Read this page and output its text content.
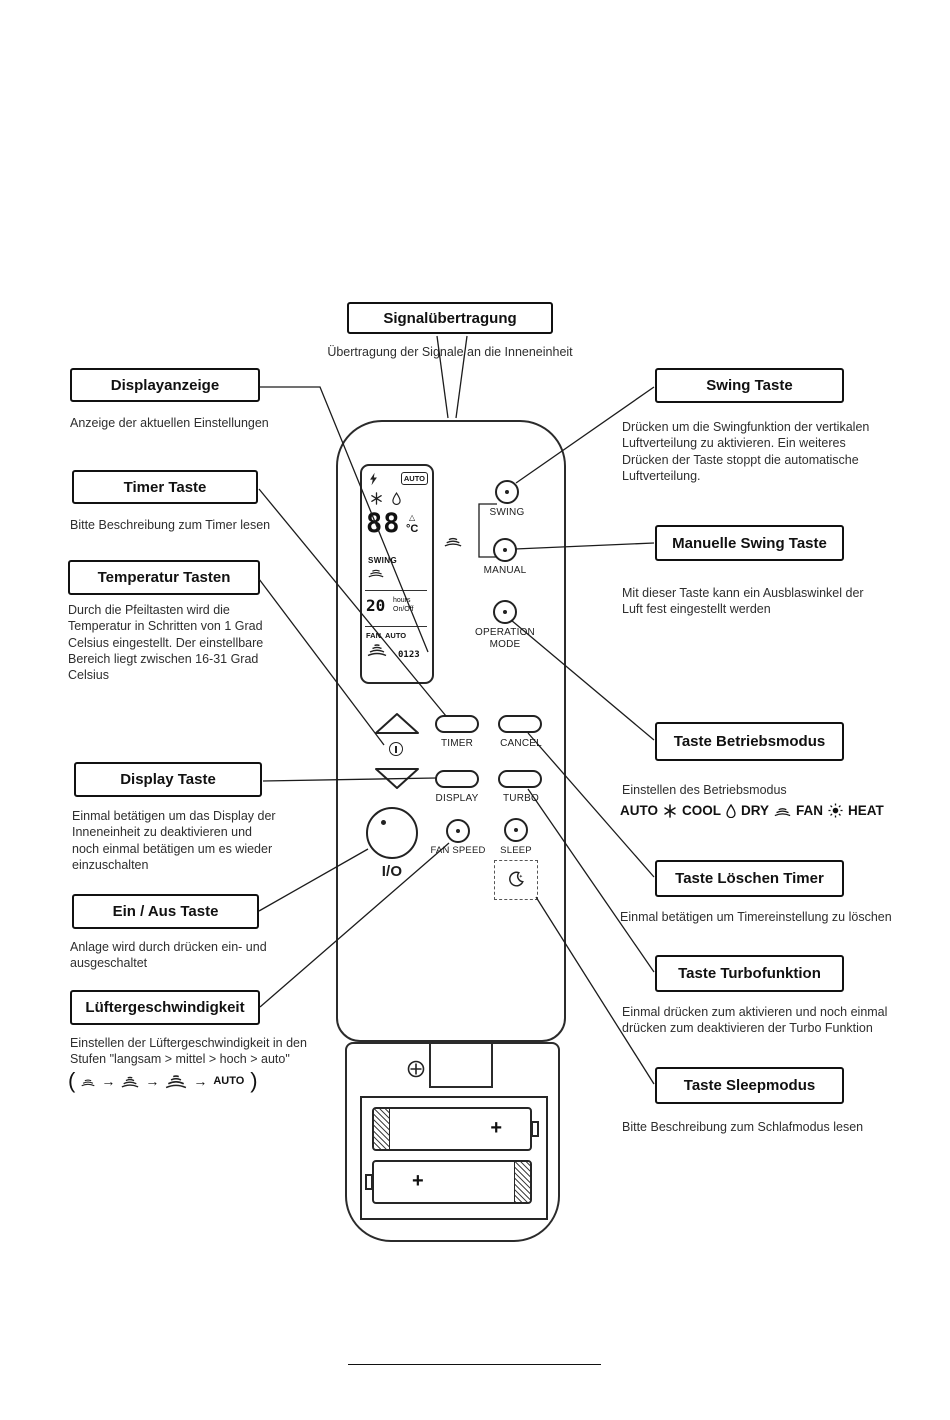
Signalübertragung
Übertragung der Signale an die Inneneinheit
Displayanzeige
Anzeige der aktuellen Einstellungen
Timer Taste
Bitte Beschreibung zum Timer lesen
Temperatur Tasten
Durch die Pfeiltasten wird die Temperatur in Schritten von 1 Grad Celsius eingestellt. Der einstellbare Bereich liegt zwischen 16-31 Grad Celsius
Display Taste
Einmal betätigen um das Display der Inneneinheit zu deaktivieren und noch einmal betätigen um es wieder einzuschalten
Ein / Aus Taste
Anlage wird durch drücken ein- und ausgeschaltet
Lüftergeschwindigkeit
Einstellen der Lüftergeschwindigkeit in den Stufen "langsam > mittel > hoch > auto"
( → → → AUTO )
Swing Taste
Drücken um die Swingfunktion der vertikalen Luftverteilung zu aktivieren. Ein weiteres Drücken der Taste stoppt die automatische Luftverteilung.
Manuelle Swing Taste
Mit dieser Taste kann ein Ausblaswinkel der Luft fest eingestellt werden
Taste Betriebsmodus
Einstellen des Betriebsmodus
AUTO COOL DRY FAN HEAT
Taste Löschen Timer
Einmal betätigen um Timereinstellung zu löschen
Taste Turbofunktion
Einmal drücken zum aktivieren und noch einmal drücken zum deaktivieren der Turbo Funktion
Taste Sleepmodus
Bitte Beschreibung zum Schlafmodus lesen
AUTO
88 △
°C
SWING
20 hours
On/Off
FAN AUTO
0123
SWING
MANUAL
OPERATION
MODE
TIMER	CANCEL
DISPLAY	TURBO
I/O
FAN SPEED	SLEEP
+
+
